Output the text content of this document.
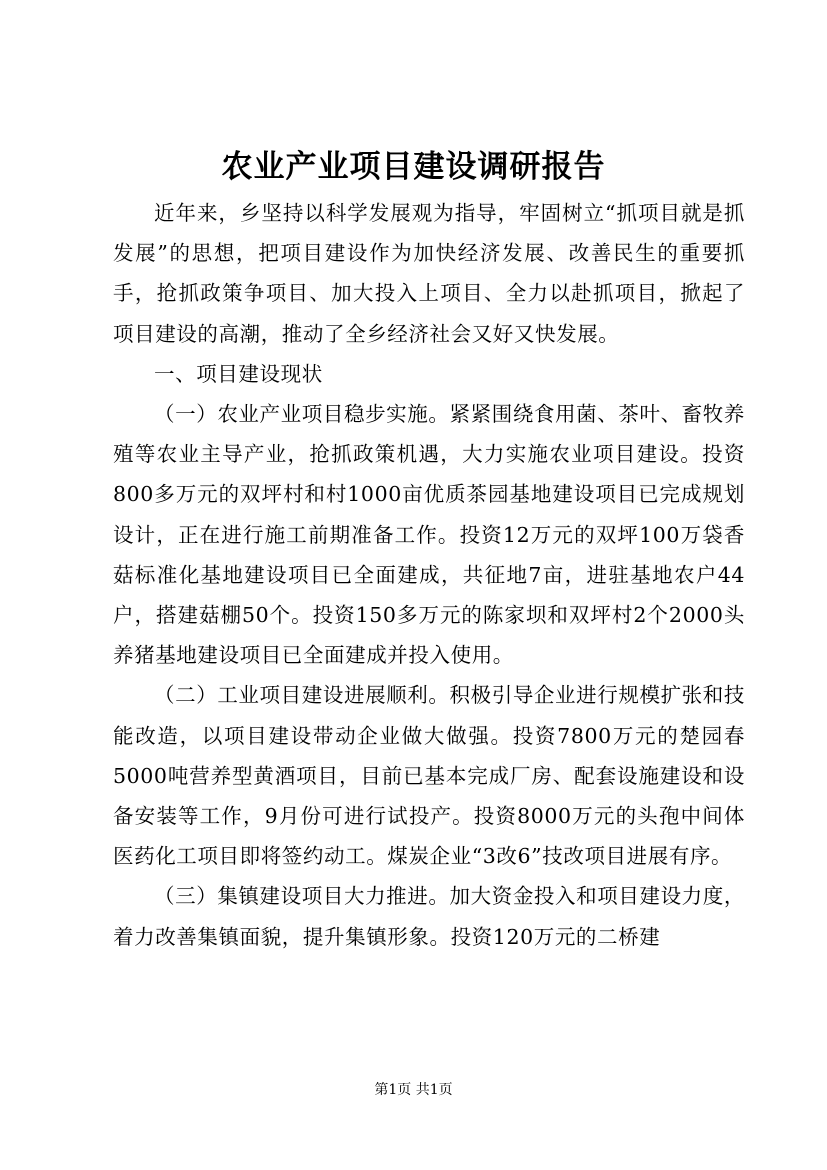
农业产业项目建设调研报告

近年来，乡坚持以科学发展观为指导，牢固树立“抓项目就是抓发展”的思想，把项目建设作为加快经济发展、改善民生的重要抓手，抢抓政策争项目、加大投入上项目、全力以赴抓项目，掀起了项目建设的高潮，推动了全乡经济社会又好又快发展。

一、项目建设现状

（一）农业产业项目稳步实施。紧紧围绕食用菌、茶叶、畜牧养殖等农业主导产业，抢抓政策机遇，大力实施农业项目建设。投资800多万元的双坪村和村1000亩优质茶园基地建设项目已完成规划设计，正在进行施工前期准备工作。投资12万元的双坪100万袋香菇标准化基地建设项目已全面建成，共征地7亩，进驻基地农户44户，搭建菇棚50个。投资150多万元的陈家坝和双坪村2个2000头养猪基地建设项目已全面建成并投入使用。

（二）工业项目建设进展顺利。积极引导企业进行规模扩张和技能改造，以项目建设带动企业做大做强。投资7800万元的楚园春5000吨营养型黄酒项目，目前已基本完成厂房、配套设施建设和设备安装等工作，9月份可进行试投产。投资8000万元的头孢中间体医药化工项目即将签约动工。煤炭企业“3改6”技改项目进展有序。

（三）集镇建设项目大力推进。加大资金投入和项目建设力度，着力改善集镇面貌，提升集镇形象。投资120万元的二桥建

第1页 共1页
